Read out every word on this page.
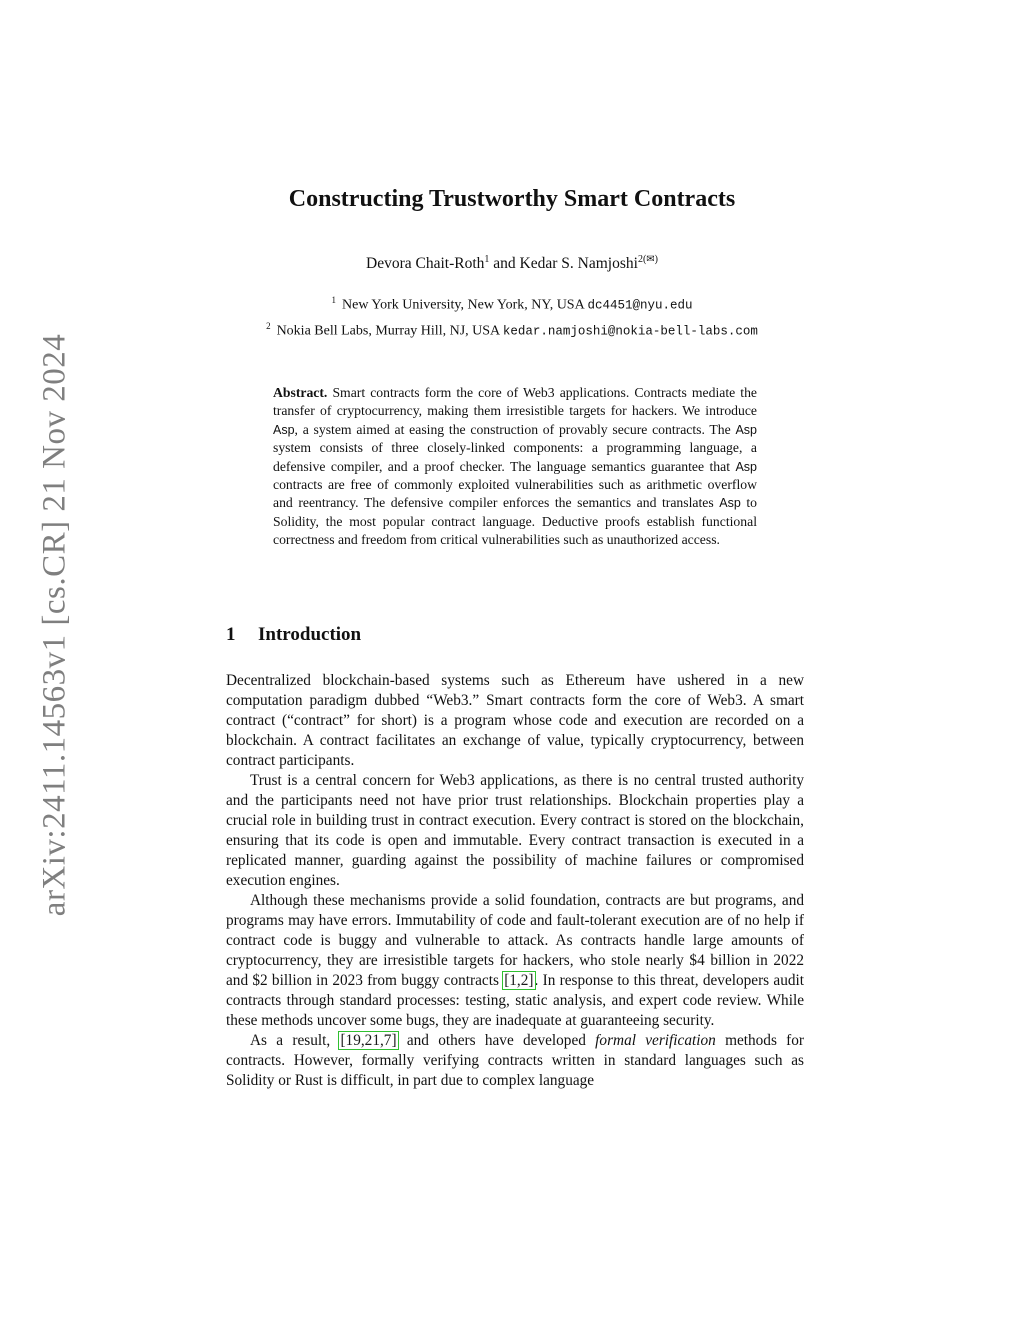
arXiv:2411.14563v1 [cs.CR] 21 Nov 2024
Constructing Trustworthy Smart Contracts
Devora Chait-Roth$^1$ and Kedar S. Namjoshi$^{2(✉)}$
$^1$ New York University, New York, NY, USA dc4451@nyu.edu
$^2$ Nokia Bell Labs, Murray Hill, NJ, USA kedar.namjoshi@nokia-bell-labs.com
Abstract. Smart contracts form the core of Web3 applications. Contracts mediate the transfer of cryptocurrency, making them irresistible targets for hackers. We introduce Asp, a system aimed at easing the construction of provably secure contracts. The Asp system consists of three closely-linked components: a programming language, a defensive compiler, and a proof checker. The language semantics guarantee that Asp contracts are free of commonly exploited vulnerabilities such as arithmetic overflow and reentrancy. The defensive compiler enforces the semantics and translates Asp to Solidity, the most popular contract language. Deductive proofs establish functional correctness and freedom from critical vulnerabilities such as unauthorized access.
1 Introduction

Decentralized blockchain-based systems such as Ethereum have ushered in a new computation paradigm dubbed “Web3.” Smart contracts form the core of Web3. A smart contract (“contract” for short) is a program whose code and execution are recorded on a blockchain. A contract facilitates an exchange of value, typically cryptocurrency, between contract participants.

Trust is a central concern for Web3 applications, as there is no central trusted authority and the participants need not have prior trust relationships. Blockchain properties play a crucial role in building trust in contract execution. Every contract is stored on the blockchain, ensuring that its code is open and immutable. Every contract transaction is executed in a replicated manner, guarding against the possibility of machine failures or compromised execution engines.

Although these mechanisms provide a solid foundation, contracts are but programs, and programs may have errors. Immutability of code and fault-tolerant execution are of no help if contract code is buggy and vulnerable to attack. As contracts handle large amounts of cryptocurrency, they are irresistible targets for hackers, who stole nearly $4 billion in 2022 and $2 billion in 2023 from buggy contracts [1,2]. In response to this threat, developers audit contracts through standard processes: testing, static analysis, and expert code review. While these methods uncover some bugs, they are inadequate at guaranteeing security.

As a result, [19,21,7] and others have developed formal verification methods for contracts. However, formally verifying contracts written in standard languages such as Solidity or Rust is difficult, in part due to complex language
